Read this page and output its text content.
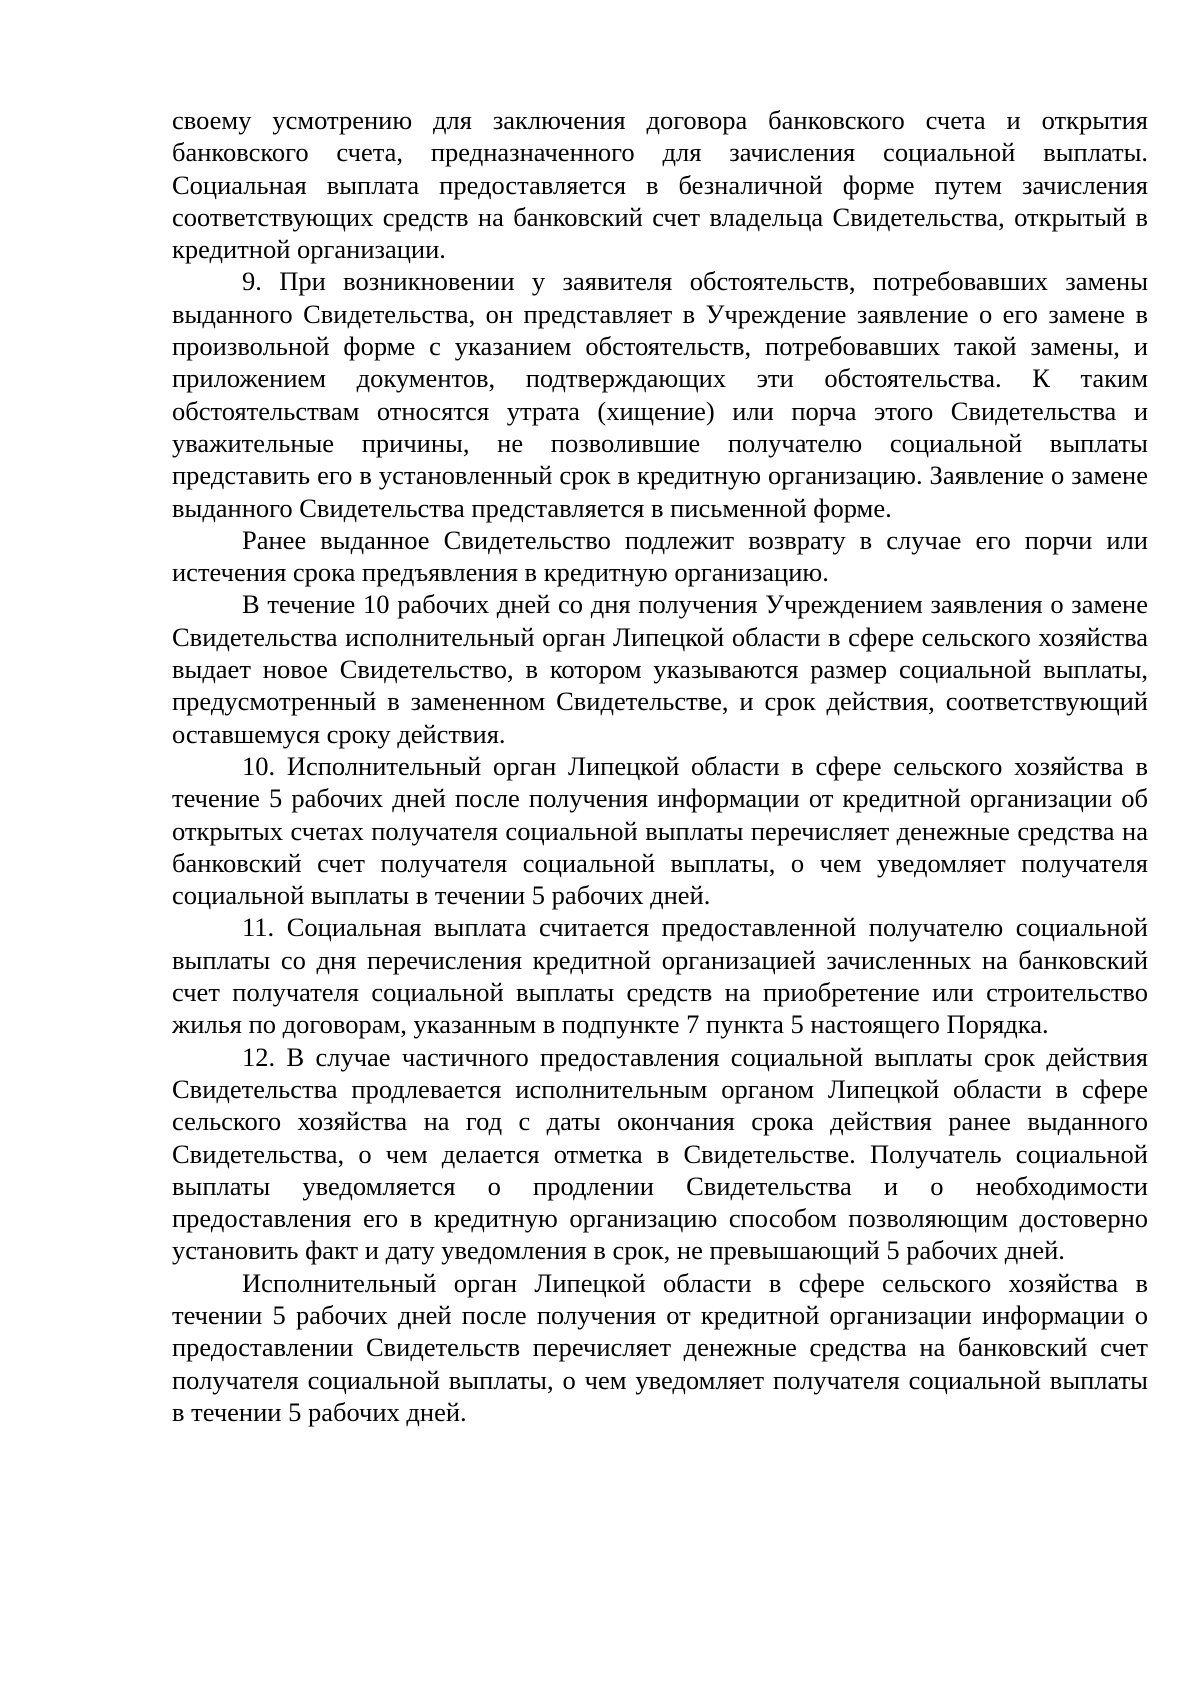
своему усмотрению для заключения договора банковского счета и открытия банковского счета, предназначенного для зачисления социальной выплаты. Социальная выплата предоставляется в безналичной форме путем зачисления соответствующих средств на банковский счет владельца Свидетельства, открытый в кредитной организации.

9. При возникновении у заявителя обстоятельств, потребовавших замены выданного Свидетельства, он представляет в Учреждение заявление о его замене в произвольной форме с указанием обстоятельств, потребовавших такой замены, и приложением документов, подтверждающих эти обстоятельства. К таким обстоятельствам относятся утрата (хищение) или порча этого Свидетельства и уважительные причины, не позволившие получателю социальной выплаты представить его в установленный срок в кредитную организацию. Заявление о замене выданного Свидетельства представляется в письменной форме.

Ранее выданное Свидетельство подлежит возврату в случае его порчи или истечения срока предъявления в кредитную организацию.

В течение 10 рабочих дней со дня получения Учреждением заявления о замене Свидетельства исполнительный орган Липецкой области в сфере сельского хозяйства выдает новое Свидетельство, в котором указываются размер социальной выплаты, предусмотренный в замененном Свидетельстве, и срок действия, соответствующий оставшемуся сроку действия.

10. Исполнительный орган Липецкой области в сфере сельского хозяйства в течение 5 рабочих дней после получения информации от кредитной организации об открытых счетах получателя социальной выплаты перечисляет денежные средства на банковский счет получателя социальной выплаты, о чем уведомляет получателя социальной выплаты в течении 5 рабочих дней.

11. Социальная выплата считается предоставленной получателю социальной выплаты со дня перечисления кредитной организацией зачисленных на банковский счет получателя социальной выплаты средств на приобретение или строительство жилья по договорам, указанным в подпункте 7 пункта 5 настоящего Порядка.

12. В случае частичного предоставления социальной выплаты срок действия Свидетельства продлевается исполнительным органом Липецкой области в сфере сельского хозяйства на год с даты окончания срока действия ранее выданного Свидетельства, о чем делается отметка в Свидетельстве. Получатель социальной выплаты уведомляется о продлении Свидетельства и о необходимости предоставления его в кредитную организацию способом позволяющим достоверно установить факт и дату уведомления в срок, не превышающий 5 рабочих дней.

Исполнительный орган Липецкой области в сфере сельского хозяйства в течении 5 рабочих дней после получения от кредитной организации информации о предоставлении Свидетельств перечисляет денежные средства на банковский счет получателя социальной выплаты, о чем уведомляет получателя социальной выплаты в течении 5 рабочих дней.
